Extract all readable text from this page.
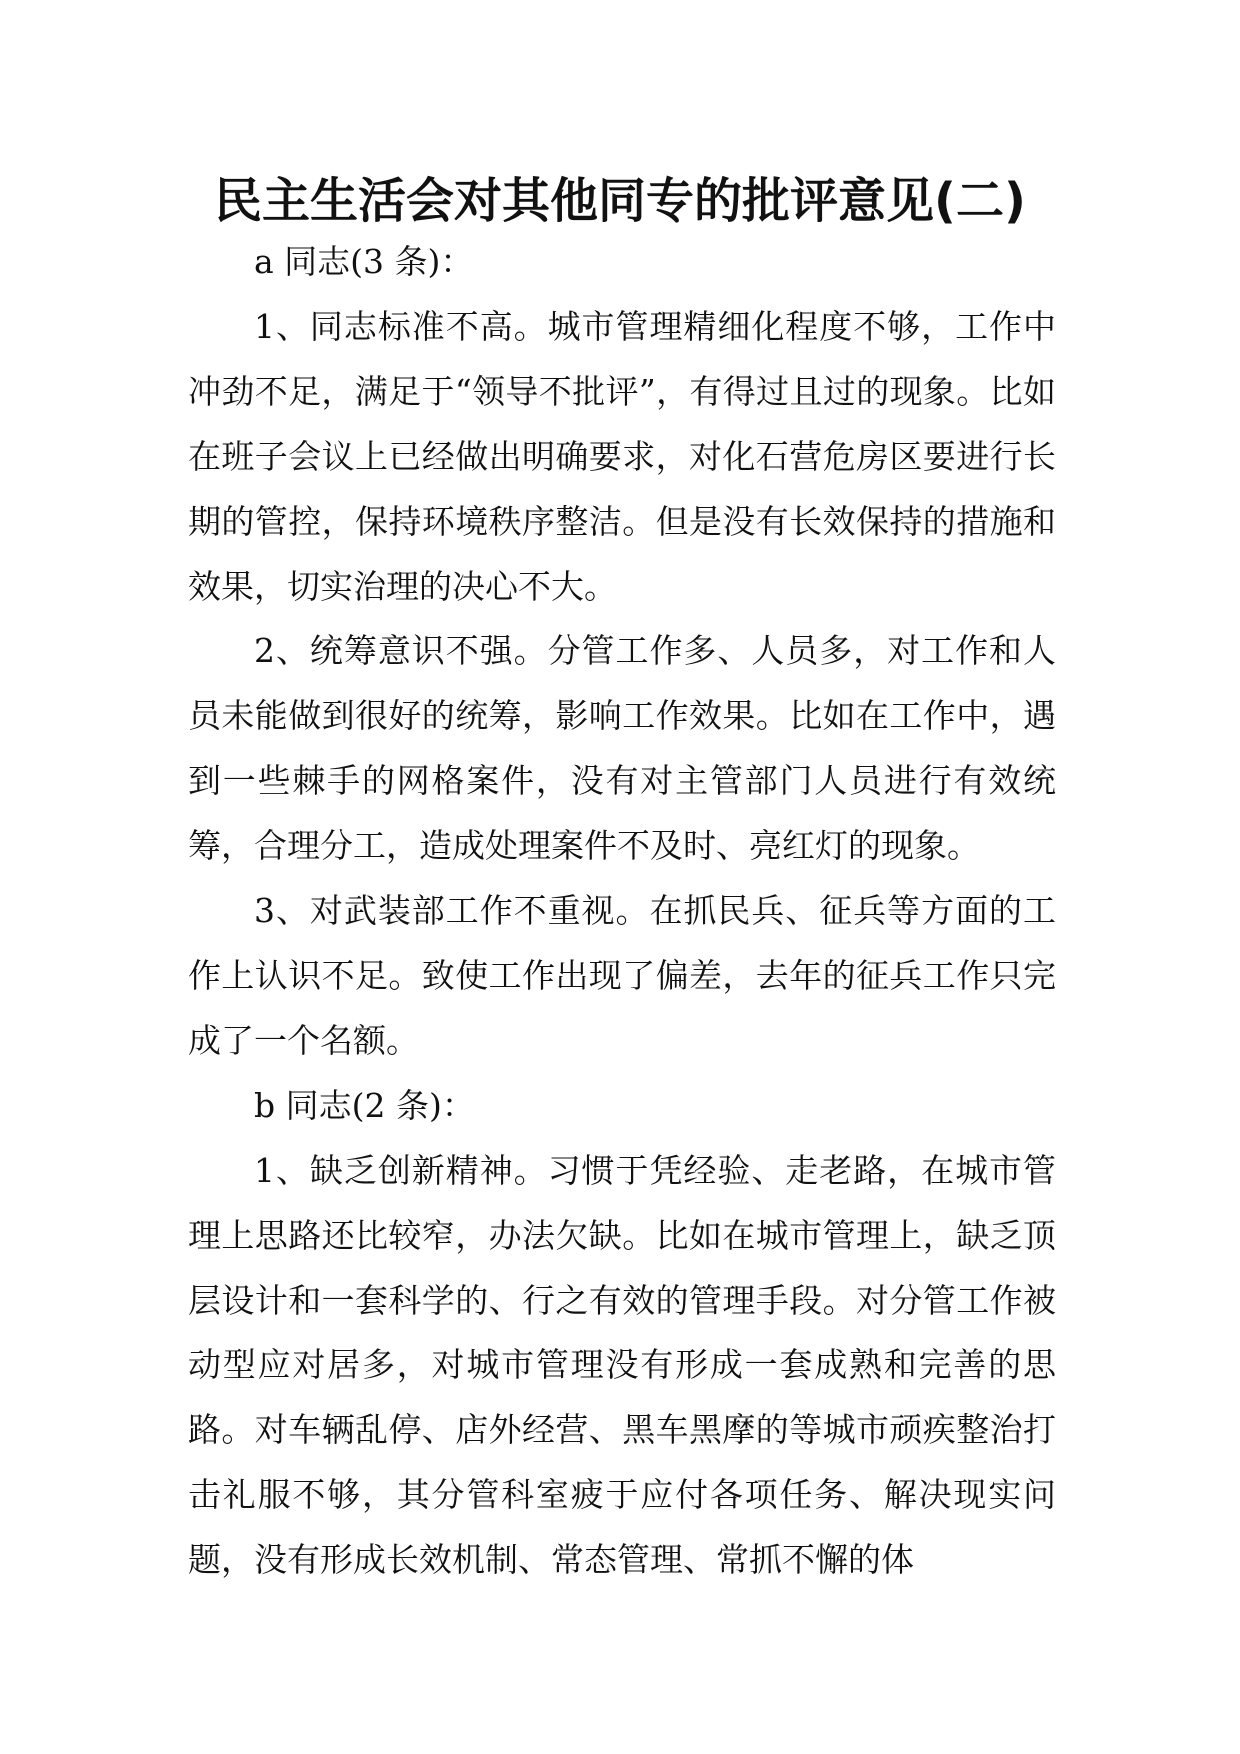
民主生活会对其他同专的批评意见(二)

a 同志(3 条)：

1、同志标准不高。城市管理精细化程度不够，工作中冲劲不足，满足于“领导不批评”，有得过且过的现象。比如在班子会议上已经做出明确要求，对化石营危房区要进行长期的管控，保持环境秩序整洁。但是没有长效保持的措施和效果，切实治理的决心不大。

2、统筹意识不强。分管工作多、人员多，对工作和人员未能做到很好的统筹，影响工作效果。比如在工作中，遇到一些棘手的网格案件，没有对主管部门人员进行有效统筹，合理分工，造成处理案件不及时、亮红灯的现象。

3、对武装部工作不重视。在抓民兵、征兵等方面的工作上认识不足。致使工作出现了偏差，去年的征兵工作只完成了一个名额。

b 同志(2 条)：

1、缺乏创新精神。习惯于凭经验、走老路，在城市管理上思路还比较窄，办法欠缺。比如在城市管理上，缺乏顶层设计和一套科学的、行之有效的管理手段。对分管工作被动型应对居多，对城市管理没有形成一套成熟和完善的思路。对车辆乱停、店外经营、黑车黑摩的等城市顽疾整治打击礼服不够，其分管科室疲于应付各项任务、解决现实问题，没有形成长效机制、常态管理、常抓不懈的体
